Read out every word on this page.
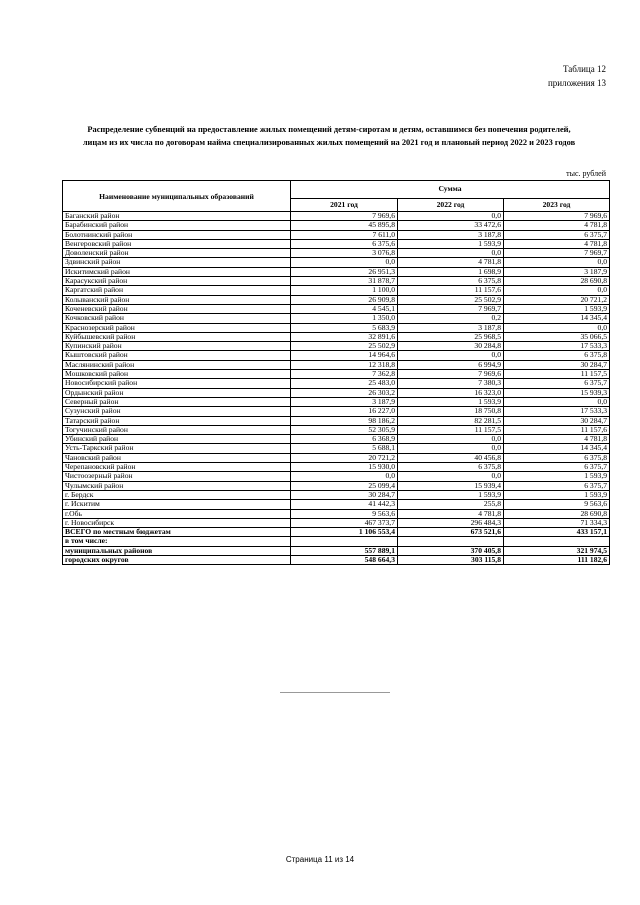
Таблица 12
приложения 13
Распределение субвенций на предоставление жилых помещений детям-сиротам и детям, оставшимся без попечения родителей,
лицам из их числа по договорам найма специализированных жилых помещений на 2021 год и плановый период 2022 и 2023 годов
тыс. рублей
Наименование муниципальных образований	Сумма		
	2021 год	2022 год	2023 год
Баганский район	7 969,6	0,0	7 969,6
Барабинский район	45 895,8	33 472,6	4 781,8
Болотнинский район	7 611,0	3 187,8	6 375,7
Венгеровский район	6 375,6	1 593,9	4 781,8
Доволенский район	3 076,8	0,0	7 969,7
Здвинский район	0,0	4 781,8	0,0
Искитимский район	26 951,3	1 698,9	3 187,9
Карасукский район	31 878,7	6 375,8	28 690,8
Каргатский район	1 100,0	11 157,6	0,0
Колыванский район	26 909,8	25 502,9	20 721,2
Коченевский район	4 545,1	7 969,7	1 593,9
Кочковский район	1 350,0	0,2	14 345,4
Краснозерский район	5 683,9	3 187,8	0,0
Куйбышевский район	32 891,6	25 968,5	35 066,5
Купинский район	25 502,9	30 284,8	17 533,3
Кыштовский район	14 964,6	0,0	6 375,8
Маслянинский район	12 318,8	6 994,9	30 284,7
Мошковский район	7 362,8	7 969,6	11 157,5
Новосибирский район	25 483,0	7 380,3	6 375,7
Ордынский район	26 303,2	16 323,0	15 939,3
Северный район	3 187,9	1 593,9	0,0
Сузунский район	16 227,0	18 750,8	17 533,3
Татарский район	98 186,2	82 281,5	30 284,7
Тогучинский район	52 305,9	11 157,5	11 157,6
Убинский район	6 368,9	0,0	4 781,8
Усть-Таркский район	5 688,1	0,0	14 345,4
Чановский район	20 721,2	40 456,8	6 375,8
Черепановский район	15 930,0	6 375,8	6 375,7
Чистоозерный район	0,0	0,0	1 593,9
Чулымский район	25 099,4	15 939,4	6 375,7
г. Бердск	30 284,7	1 593,9	1 593,9
г. Искитим	41 442,3	255,8	9 563,6
г.Обь	9 563,6	4 781,8	28 690,8
г. Новосибирск	467 373,7	296 484,3	71 334,3
ВСЕГО по местным бюджетам	1 106 553,4	673 521,6	433 157,1
в том числе:			
муниципальных районов	557 889,1	370 405,8	321 974,5
городских округов	548 664,3	303 115,8	111 182,6
Страница 11 из 14
